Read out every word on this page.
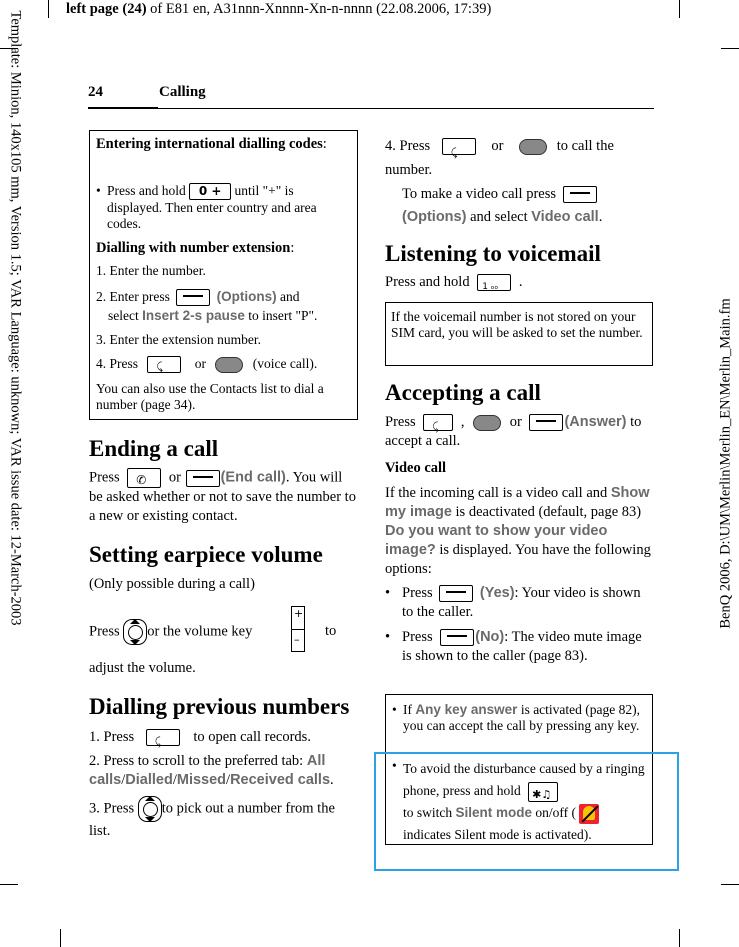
left page (24) of E81 en, A31nnn-Xnnnn-Xn-n-nnnn (22.08.2006, 17:39)
Template: Minion, 140x105 mm, Version 1.5; VAR Language: unknown; VAR issue date: 12-March-2003	BenQ 2006, D:\UM\Merlin\Merlin_EN\Merlin_Main.fm
24	Calling
Entering international dialling codes:
• Press and hold 0 + until "+" is displayed. Then enter country and area codes.
Dialling with number extension:
1. Enter the number.
2. Enter press	(Options) and
select Insert 2-s pause to insert "P".
3. Enter the extension number.
4. Press ⤹ or	(voice call).
You can also use the Contacts list to dial a number (page 34).
Ending a call
Press ✆ or	(End call). You will be asked whether or not to save the number to a new or existing contact.
Setting earpiece volume
(Only possible during a call)
Press or the volume key
+
–
to
adjust the volume.
Dialling previous numbers
1. Press ⤹ to open call records.
2. Press to scroll to the preferred tab: All calls/Dialled/Missed/Received calls.
3. Press to pick out a number from the list.
4. Press ⤹ or	to call the number.
To make a video call press

(Options) and select Video call.
Listening to voicemail
Press and hold 1 ₒₒ .
If the voicemail number is not stored on your SIM card, you will be asked to set the number.
Accepting a call
Press ⤹ ,	or	(Answer) to accept a call.
Video call
If the incoming call is a video call and Show my image is deactivated (default, page 83) Do you want to show your video image? is displayed. You have the following options:
• Press	(Yes): Your video is shown to the caller.
• Press	(No): The video mute image is shown to the caller (page 83).
• If Any key answer is activated (page 82), you can accept the call by pressing any key.
• To avoid the disturbance caused by a ringing phone, press and hold ✱♫

to switch Silent mode on/off (

indicates Silent mode is activated).
